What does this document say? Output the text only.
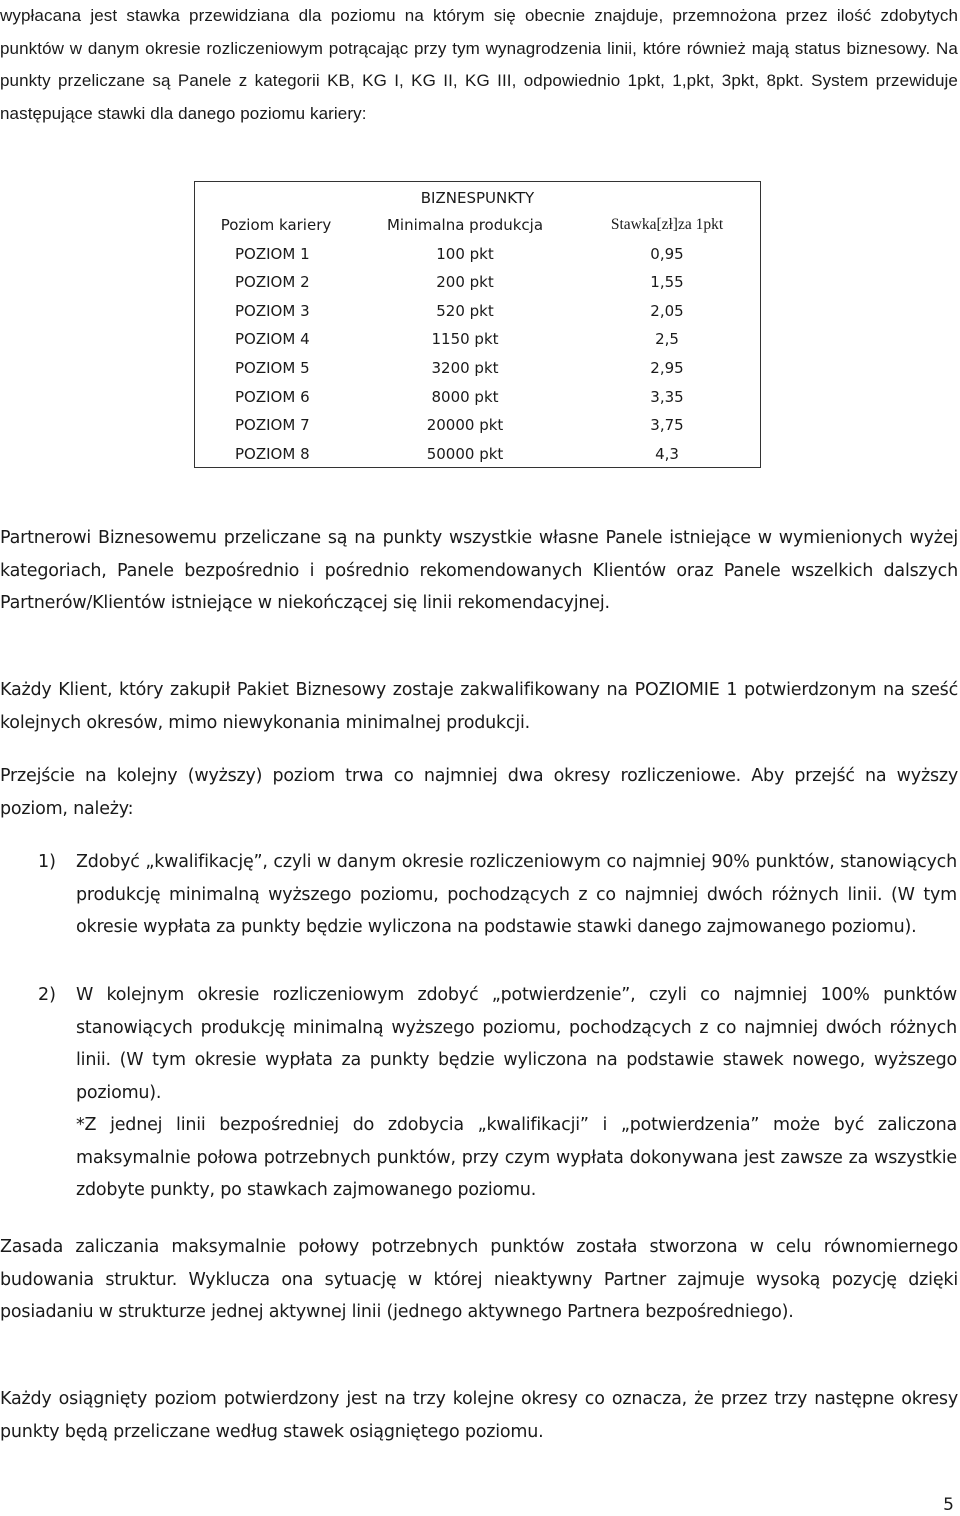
wypłacana jest stawka przewidziana dla poziomu na którym się obecnie znajduje, przemnożona przez ilość zdobytych punktów w danym okresie rozliczeniowym potrącając przy tym wynagrodzenia linii, które również mają status biznesowy. Na punkty przeliczane są Panele z kategorii KB, KG I, KG II, KG III, odpowiednio 1pkt, 1,pkt, 3pkt, 8pkt. System przewiduje następujące stawki dla danego poziomu kariery:

BIZNESPUNKTY
Poziom kariery	Minimalna produkcja	Stawka[zł]za 1pkt
POZIOM 1	100 pkt	0,95
POZIOM 2	200 pkt	1,55
POZIOM 3	520 pkt	2,05
POZIOM 4	1150 pkt	2,5
POZIOM 5	3200 pkt	2,95
POZIOM 6	8000 pkt	3,35
POZIOM 7	20000 pkt	3,75
POZIOM 8	50000 pkt	4,3

Partnerowi Biznesowemu przeliczane są na punkty wszystkie własne Panele istniejące w wymienionych wyżej kategoriach, Panele bezpośrednio i pośrednio rekomendowanych Klientów oraz Panele wszelkich dalszych Partnerów/Klientów istniejące w niekończącej się linii rekomendacyjnej.

Każdy Klient, który zakupił Pakiet Biznesowy zostaje zakwalifikowany na POZIOMIE 1 potwierdzonym na sześć kolejnych okresów, mimo niewykonania minimalnej produkcji.

Przejście na kolejny (wyższy) poziom trwa co najmniej dwa okresy rozliczeniowe. Aby przejść na wyższy poziom, należy:

1) Zdobyć „kwalifikację”, czyli w danym okresie rozliczeniowym co najmniej 90% punktów, stanowiących produkcję minimalną wyższego poziomu, pochodzących z co najmniej dwóch różnych linii. (W tym okresie wypłata za punkty będzie wyliczona na podstawie stawki danego zajmowanego poziomu).

2) W kolejnym okresie rozliczeniowym zdobyć „potwierdzenie”, czyli co najmniej 100% punktów stanowiących produkcję minimalną wyższego poziomu, pochodzących z co najmniej dwóch różnych linii. (W tym okresie wypłata za punkty będzie wyliczona na podstawie stawek nowego, wyższego poziomu).
*Z jednej linii bezpośredniej do zdobycia „kwalifikacji” i „potwierdzenia” może być zaliczona maksymalnie połowa potrzebnych punktów, przy czym wypłata dokonywana jest zawsze za wszystkie zdobyte punkty, po stawkach zajmowanego poziomu.

Zasada zaliczania maksymalnie połowy potrzebnych punktów została stworzona w celu równomiernego budowania struktur. Wyklucza ona sytuację w której nieaktywny Partner zajmuje wysoką pozycję dzięki posiadaniu w strukturze jednej aktywnej linii (jednego aktywnego Partnera bezpośredniego).

Każdy osiągnięty poziom potwierdzony jest na trzy kolejne okresy co oznacza, że przez trzy następne okresy punkty będą przeliczane według stawek osiągniętego poziomu.

5
